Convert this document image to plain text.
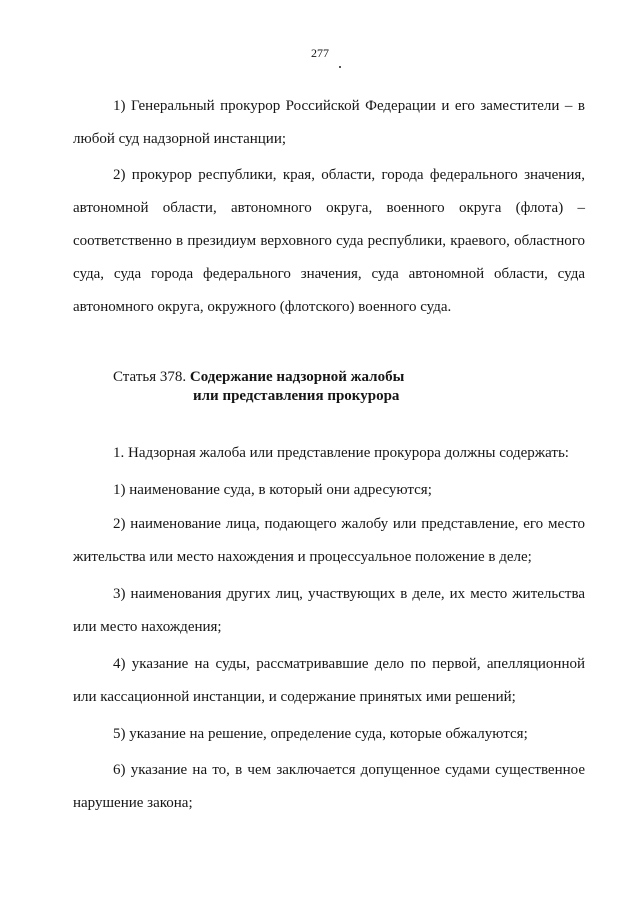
277

1) Генеральный прокурор Российской Федерации и его заместители – в любой суд надзорной инстанции;

2) прокурор республики, края, области, города федерального значения, автономной области, автономного округа, военного округа (флота) – соответственно в президиум верховного суда республики, краевого, областного суда, суда города федерального значения, суда автономной области, суда автономного округа, окружного (флотского) военного суда.

Статья 378. Содержание надзорной жалобы
или представления прокурора

1. Надзорная жалоба или представление прокурора должны содержать:

1) наименование суда, в который они адресуются;

2) наименование лица, подающего жалобу или представление, его место жительства или место нахождения и процессуальное положение в деле;

3) наименования других лиц, участвующих в деле, их место жительства или место нахождения;

4) указание на суды, рассматривавшие дело по первой, апелляционной или кассационной инстанции, и содержание принятых ими решений;

5) указание на решение, определение суда, которые обжалуются;

6) указание на то, в чем заключается допущенное судами существенное нарушение закона;
